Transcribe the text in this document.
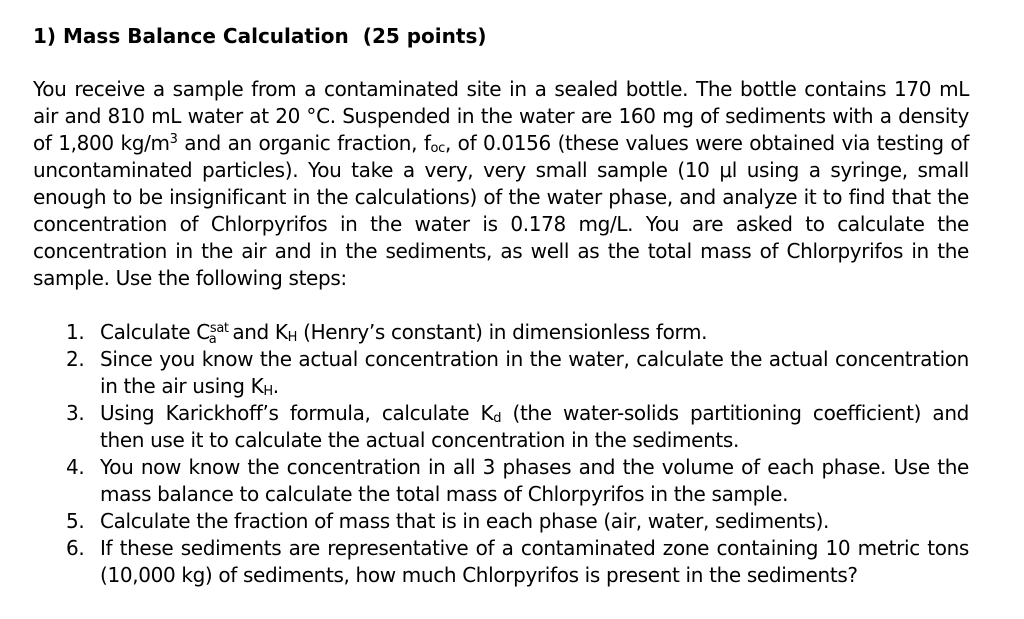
1) Mass Balance Calculation (25 points)

You receive a sample from a contaminated site in a sealed bottle. The bottle contains 170 mL air and 810 mL water at 20 °C. Suspended in the water are 160 mg of sediments with a density of 1,800 $kg/m^3$ and an organic fraction, $f_{oc}$, of 0.0156 (these values were obtained via testing of uncontaminated particles). You take a very, very small sample (10 μl using a syringe, small enough to be insignificant in the calculations) of the water phase, and analyze it to find that the concentration of Chlorpyrifos in the water is 0.178 mg/L. You are asked to calculate the concentration in the air and in the sediments, as well as the total mass of Chlorpyrifos in the sample. Use the following steps:

1. Calculate $C^{sat}_a$ and $K_H$ (Henry’s constant) in dimensionless form.
2. Since you know the actual concentration in the water, calculate the actual concentration in the air using $K_H$.
3. Using Karickhoff’s formula, calculate $K_d$ (the water-solids partitioning coefficient) and then use it to calculate the actual concentration in the sediments.
4. You now know the concentration in all 3 phases and the volume of each phase. Use the mass balance to calculate the total mass of Chlorpyrifos in the sample.
5. Calculate the fraction of mass that is in each phase (air, water, sediments).
6. If these sediments are representative of a contaminated zone containing 10 metric tons (10,000 kg) of sediments, how much Chlorpyrifos is present in the sediments?
